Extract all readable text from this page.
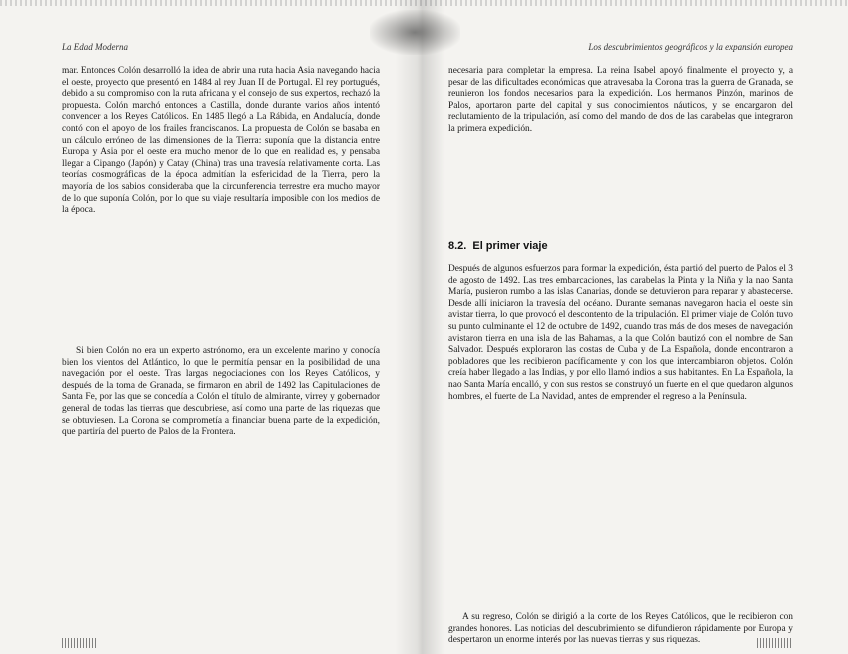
La Edad Moderna

mar. Entonces Colón desarrolló la idea de abrir una ruta hacia Asia navegando hacia el oeste, proyecto que presentó en 1484 al rey Juan II de Portugal. El rey portugués, debido a su compromiso con la ruta africana y el consejo de sus expertos, rechazó la propuesta. Colón marchó entonces a Castilla, donde durante varios años intentó convencer a los Reyes Católicos. En 1485 llegó a La Rábida, en Andalucía, donde contó con el apoyo de los frailes franciscanos. La propuesta de Colón se basaba en un cálculo erróneo de las dimensiones de la Tierra: suponía que la distancia entre Europa y Asia por el oeste era mucho menor de lo que en realidad es, y pensaba llegar a Cipango (Japón) y Catay (China) tras una travesía relativamente corta. Las teorías cosmográficas de la época admitían la esfericidad de la Tierra, pero la mayoría de los sabios consideraba que la circunferencia terrestre era mucho mayor de lo que suponía Colón, por lo que su viaje resultaría imposible con los medios de la época.

Si bien Colón no era un experto astrónomo, era un excelente marino y conocía bien los vientos del Atlántico, lo que le permitía pensar en la posibilidad de una navegación por el oeste. Tras largas negociaciones con los Reyes Católicos, y después de la toma de Granada, se firmaron en abril de 1492 las Capitulaciones de Santa Fe, por las que se concedía a Colón el título de almirante, virrey y gobernador general de todas las tierras que descubriese, así como una parte de las riquezas que se obtuviesen. La Corona se comprometía a financiar buena parte de la expedición, que partiría del puerto de Palos de la Frontera.

Los descubrimientos geográficos y la expansión europea

necesaria para completar la empresa. La reina Isabel apoyó finalmente el proyecto y, a pesar de las dificultades económicas que atravesaba la Corona tras la guerra de Granada, se reunieron los fondos necesarios para la expedición. Los hermanos Pinzón, marinos de Palos, aportaron parte del capital y sus conocimientos náuticos, y se encargaron del reclutamiento de la tripulación, así como del mando de dos de las carabelas que integraron la primera expedición.

8.2. El primer viaje

Después de algunos esfuerzos para formar la expedición, ésta partió del puerto de Palos el 3 de agosto de 1492. Las tres embarcaciones, las carabelas la Pinta y la Niña y la nao Santa María, pusieron rumbo a las islas Canarias, donde se detuvieron para reparar y abastecerse. Desde allí iniciaron la travesía del océano. Durante semanas navegaron hacia el oeste sin avistar tierra, lo que provocó el descontento de la tripulación. El primer viaje de Colón tuvo su punto culminante el 12 de octubre de 1492, cuando tras más de dos meses de navegación avistaron tierra en una isla de las Bahamas, a la que Colón bautizó con el nombre de San Salvador. Después exploraron las costas de Cuba y de La Española, donde encontraron a pobladores que les recibieron pacíficamente y con los que intercambiaron objetos. Colón creía haber llegado a las Indias, y por ello llamó indios a sus habitantes. En La Española, la nao Santa María encalló, y con sus restos se construyó un fuerte en el que quedaron algunos hombres, el fuerte de La Navidad, antes de emprender el regreso a la Península.

A su regreso, Colón se dirigió a la corte de los Reyes Católicos, que le recibieron con grandes honores. Las noticias del descubrimiento se difundieron rápidamente por Europa y despertaron un enorme interés por las nuevas tierras y sus riquezas.
